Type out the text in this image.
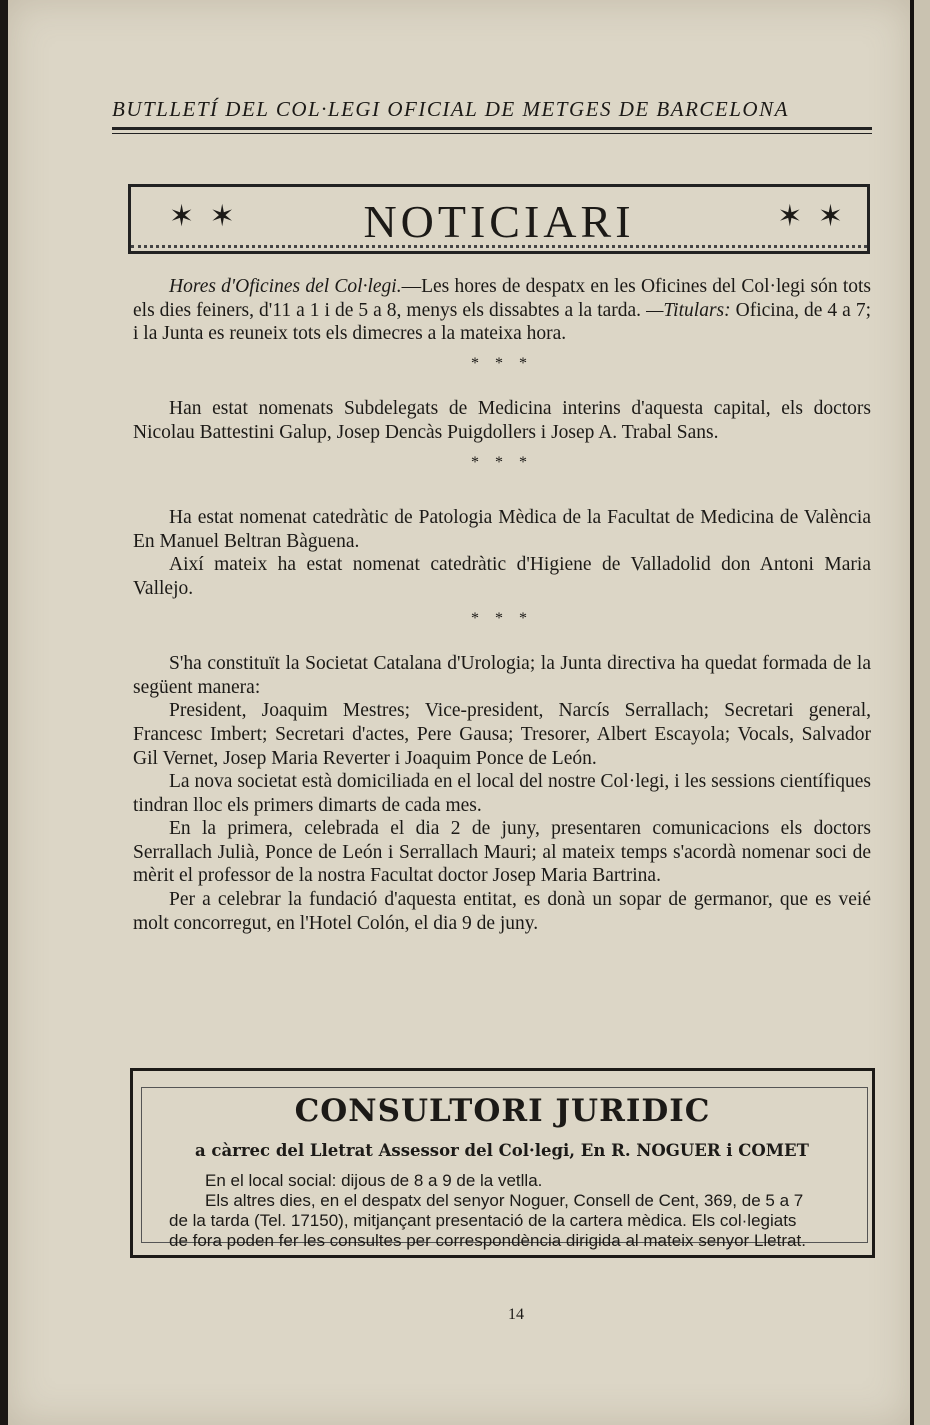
BUTLLETÍ DEL COL·LEGI OFICIAL DE METGES DE BARCELONA
✶ ✶	NOTICIARI	✶ ✶

Hores d'Oficines del Col·legi.—Les hores de despatx en les Oficines del Col·legi són tots els dies feiners, d'11 a 1 i de 5 a 8, menys els dissabtes a la tarda. —Titulars: Oficina, de 4 a 7; i la Junta es reuneix tots els dimecres a la mateixa hora.

* * *

Han estat nomenats Subdelegats de Medicina interins d'aquesta capital, els doctors Nicolau Battestini Galup, Josep Dencàs Puigdollers i Josep A. Trabal Sans.

* * *

Ha estat nomenat catedràtic de Patologia Mèdica de la Facultat de Medicina de València En Manuel Beltran Bàguena.

Així mateix ha estat nomenat catedràtic d'Higiene de Valladolid don Antoni Maria Vallejo.

* * *

S'ha constituït la Societat Catalana d'Urologia; la Junta directiva ha quedat formada de la següent manera:

President, Joaquim Mestres; Vice-president, Narcís Serrallach; Secretari general, Francesc Imbert; Secretari d'actes, Pere Gausa; Tresorer, Albert Escayola; Vocals, Salvador Gil Vernet, Josep Maria Reverter i Joaquim Ponce de León.

La nova societat està domiciliada en el local del nostre Col·legi, i les sessions científiques tindran lloc els primers dimarts de cada mes.

En la primera, celebrada el dia 2 de juny, presentaren comunicacions els doctors Serrallach Julià, Ponce de León i Serrallach Mauri; al mateix temps s'acordà nomenar soci de mèrit el professor de la nostra Facultat doctor Josep Maria Bartrina.

Per a celebrar la fundació d'aquesta entitat, es donà un sopar de germanor, que es veié molt concorregut, en l'Hotel Colón, el dia 9 de juny.

CONSULTORI JURIDIC
a càrrec del Lletrat Assessor del Col·legi, En R. NOGUER i COMET
En el local social: dijous de 8 a 9 de la vetlla.
Els altres dies, en el despatx del senyor Noguer, Consell de Cent, 369, de 5 a 7
de la tarda (Tel. 17150), mitjançant presentació de la cartera mèdica. Els col·legiats
de fora poden fer les consultes per correspondència dirigida al mateix senyor Lletrat.
14
